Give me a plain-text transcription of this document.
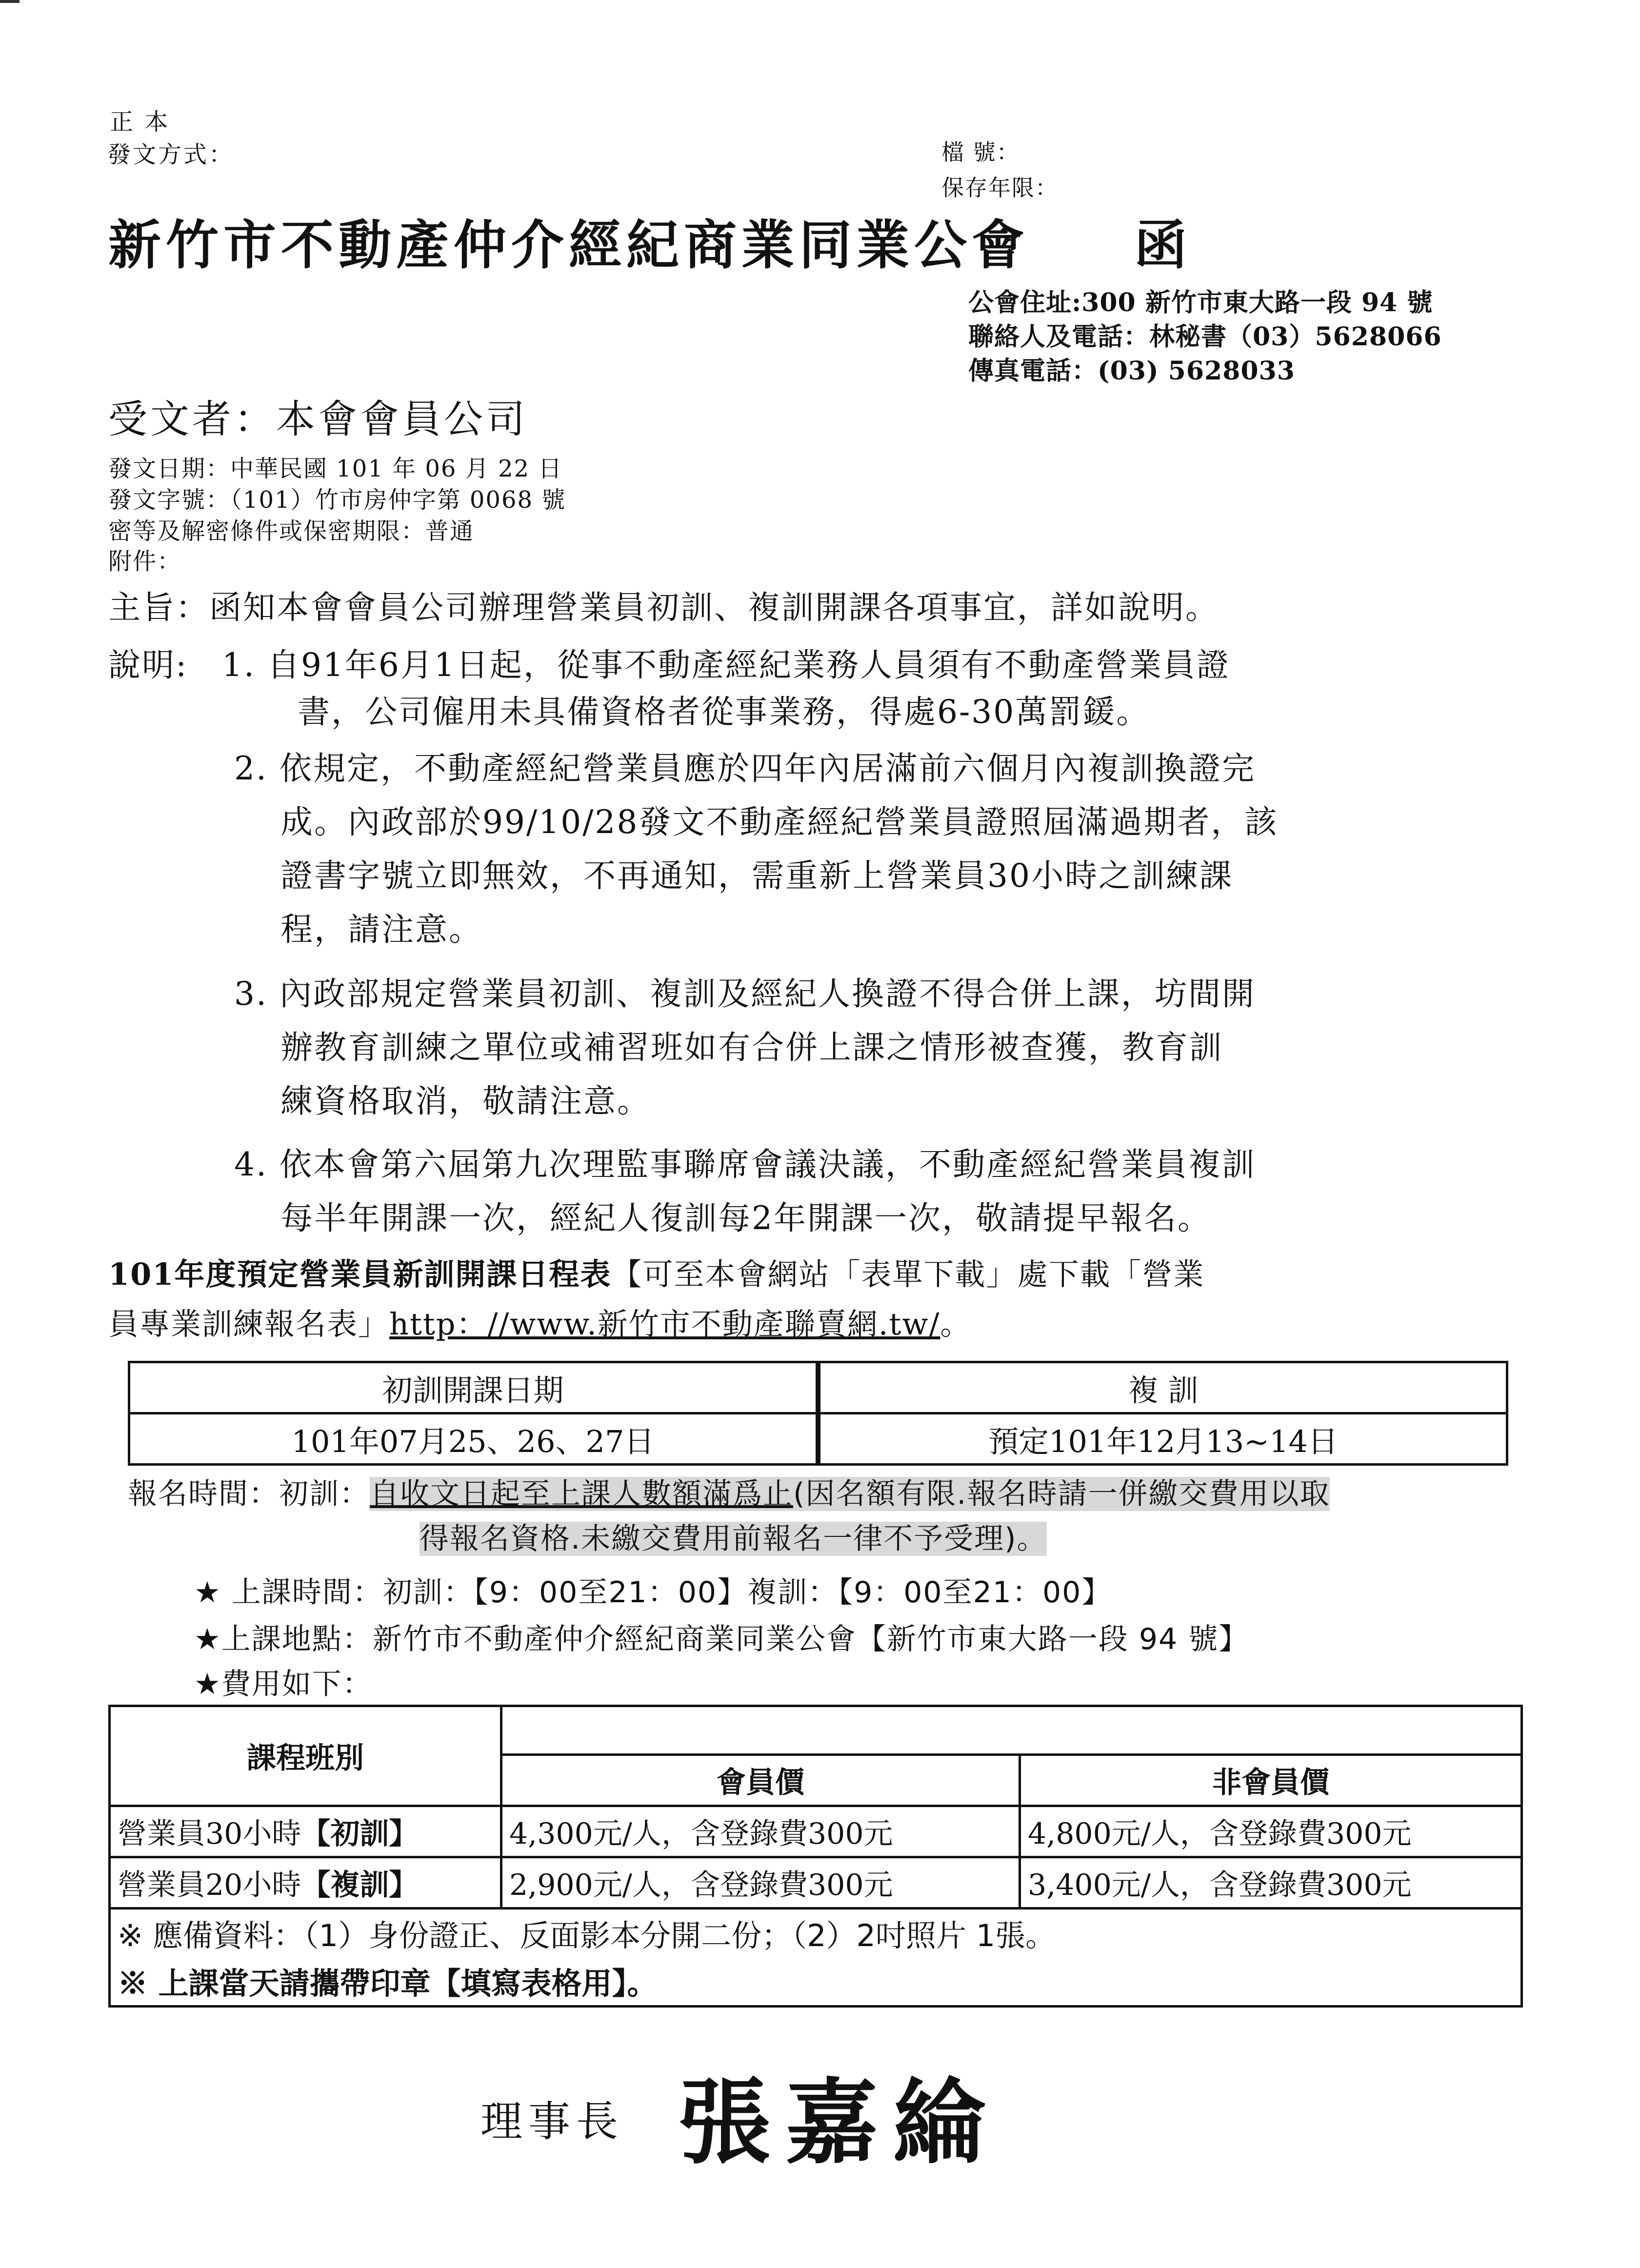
正 本
發文方式：	檔 號：
保存年限：
新竹市不動產仲介經紀商業同業公會 函
公會住址:300 新竹市東大路一段 94 號
聯絡人及電話：林秘書（03）5628066
傳真電話：(03) 5628033
受文者：本會會員公司
發文日期：中華民國 101 年 06 月 22 日
發文字號：（101）竹市房仲字第 0068 號
密等及解密條件或保密期限：普通
附件：
主旨：函知本會會員公司辦理營業員初訓、複訓開課各項事宜，詳如說明。
說明: 1. 自91年6月1日起，從事不動產經紀業務人員須有不動產營業員證
書，公司僱用未具備資格者從事業務，得處6-30萬罰鍰。
2. 依規定，不動產經紀營業員應於四年內居滿前六個月內複訓換證完
成。內政部於99/10/28發文不動產經紀營業員證照屆滿過期者，該
證書字號立即無效，不再通知，需重新上營業員30小時之訓練課
程，請注意。
3. 內政部規定營業員初訓、複訓及經紀人換證不得合併上課，坊間開
辦教育訓練之單位或補習班如有合併上課之情形被查獲，教育訓
練資格取消，敬請注意。
4. 依本會第六屆第九次理監事聯席會議決議，不動產經紀營業員複訓
每半年開課一次，經紀人復訓每2年開課一次，敬請提早報名。
101年度預定營業員新訓開課日程表【可至本會網站「表單下載」處下載「營業
員專業訓練報名表」http：//www.新竹市不動產聯賣網.tw/。
初訓開課日期	複 訓
101年07月25、26、27日	預定101年12月13~14日
報名時間：初訓：自收文日起至上課人數額滿爲止(因名額有限.報名時請一併繳交費用以取
得報名資格.未繳交費用前報名一律不予受理)。
★ 上課時間：初訓：【9：00至21：00】複訓：【9：00至21：00】
★上課地點：新竹市不動產仲介經紀商業同業公會【新竹市東大路一段 94 號】
★費用如下：
課程班別		
	會員價	非會員價
營業員30小時【初訓】	4,300元/人，含登錄費300元	4,800元/人，含登錄費300元
營業員20小時【複訓】	2,900元/人，含登錄費300元	3,400元/人，含登錄費300元
※ 應備資料：（1）身份證正、反面影本分開二份；（2）2吋照片 1張。		
※ 上課當天請攜帶印章【填寫表格用】。		
理事長 張嘉綸
